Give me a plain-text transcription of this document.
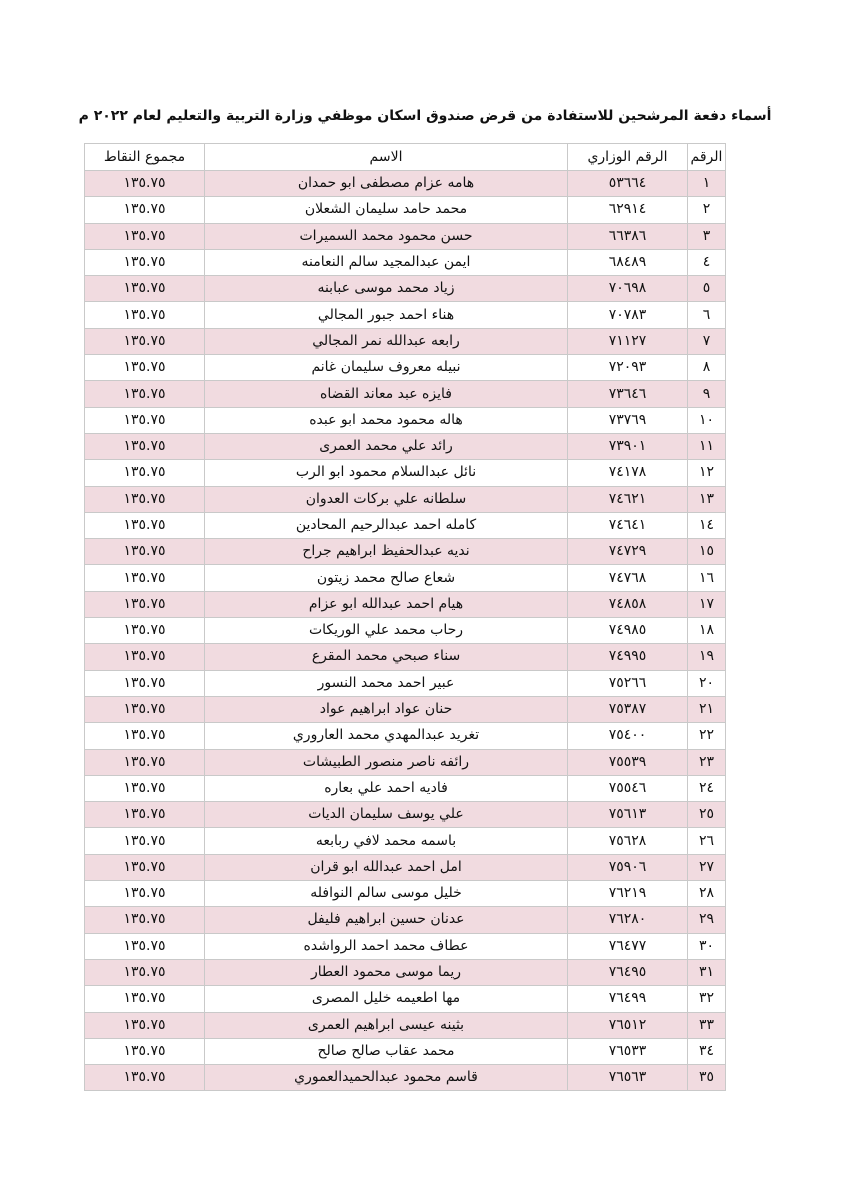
أسماء دفعة المرشحين للاستفادة من قرض صندوق اسكان موظفي وزارة التربية والتعليم لعام ٢٠٢٢ م
الرقم	الرقم الوزاري	الاسم	مجموع النقاط
١	٥٣٦٦٤	هامه عزام مصطفى ابو حمدان	١٣٥.٧٥
٢	٦٢٩١٤	محمد حامد سليمان الشعلان	١٣٥.٧٥
٣	٦٦٣٨٦	حسن محمود محمد السميرات	١٣٥.٧٥
٤	٦٨٤٨٩	ايمن عبدالمجيد سالم النعامنه	١٣٥.٧٥
٥	٧٠٦٩٨	زياد محمد موسى عبابنه	١٣٥.٧٥
٦	٧٠٧٨٣	هناء احمد جبور المجالي	١٣٥.٧٥
٧	٧١١٢٧	رابعه عبدالله نمر المجالي	١٣٥.٧٥
٨	٧٢٠٩٣	نبيله معروف سليمان غانم	١٣٥.٧٥
٩	٧٣٦٤٦	فايزه عبد معاند القضاه	١٣٥.٧٥
١٠	٧٣٧٦٩	هاله محمود محمد ابو عبده	١٣٥.٧٥
١١	٧٣٩٠١	رائد علي محمد العمرى	١٣٥.٧٥
١٢	٧٤١٧٨	نائل عبدالسلام محمود ابو الرب	١٣٥.٧٥
١٣	٧٤٦٢١	سلطانه علي بركات العدوان	١٣٥.٧٥
١٤	٧٤٦٤١	كامله احمد عبدالرحيم المحادين	١٣٥.٧٥
١٥	٧٤٧٢٩	نديه عبدالحفيظ ابراهيم جراح	١٣٥.٧٥
١٦	٧٤٧٦٨	شعاع صالح محمد زيتون	١٣٥.٧٥
١٧	٧٤٨٥٨	هيام احمد عبدالله ابو عزام	١٣٥.٧٥
١٨	٧٤٩٨٥	رحاب محمد علي الوريكات	١٣٥.٧٥
١٩	٧٤٩٩٥	سناء صبحي محمد المقرع	١٣٥.٧٥
٢٠	٧٥٢٦٦	عبير احمد محمد النسور	١٣٥.٧٥
٢١	٧٥٣٨٧	حنان عواد ابراهيم عواد	١٣٥.٧٥
٢٢	٧٥٤٠٠	تغريد عبدالمهدي محمد العاروري	١٣٥.٧٥
٢٣	٧٥٥٣٩	رائفه ناصر منصور الطبيشات	١٣٥.٧٥
٢٤	٧٥٥٤٦	فاديه احمد علي بعاره	١٣٥.٧٥
٢٥	٧٥٦١٣	علي يوسف سليمان الديات	١٣٥.٧٥
٢٦	٧٥٦٢٨	باسمه محمد لافي ربابعه	١٣٥.٧٥
٢٧	٧٥٩٠٦	امل احمد عبدالله ابو قران	١٣٥.٧٥
٢٨	٧٦٢١٩	خليل موسى سالم النوافله	١٣٥.٧٥
٢٩	٧٦٢٨٠	عدنان حسين ابراهيم فليفل	١٣٥.٧٥
٣٠	٧٦٤٧٧	عطاف محمد احمد الرواشده	١٣٥.٧٥
٣١	٧٦٤٩٥	ريما موسى محمود العطار	١٣٥.٧٥
٣٢	٧٦٤٩٩	مها اطعيمه خليل المصرى	١٣٥.٧٥
٣٣	٧٦٥١٢	بثينه عيسى ابراهيم العمرى	١٣٥.٧٥
٣٤	٧٦٥٣٣	محمد عقاب صالح صالح	١٣٥.٧٥
٣٥	٧٦٥٦٣	قاسم محمود عبدالحميدالعموري	١٣٥.٧٥
